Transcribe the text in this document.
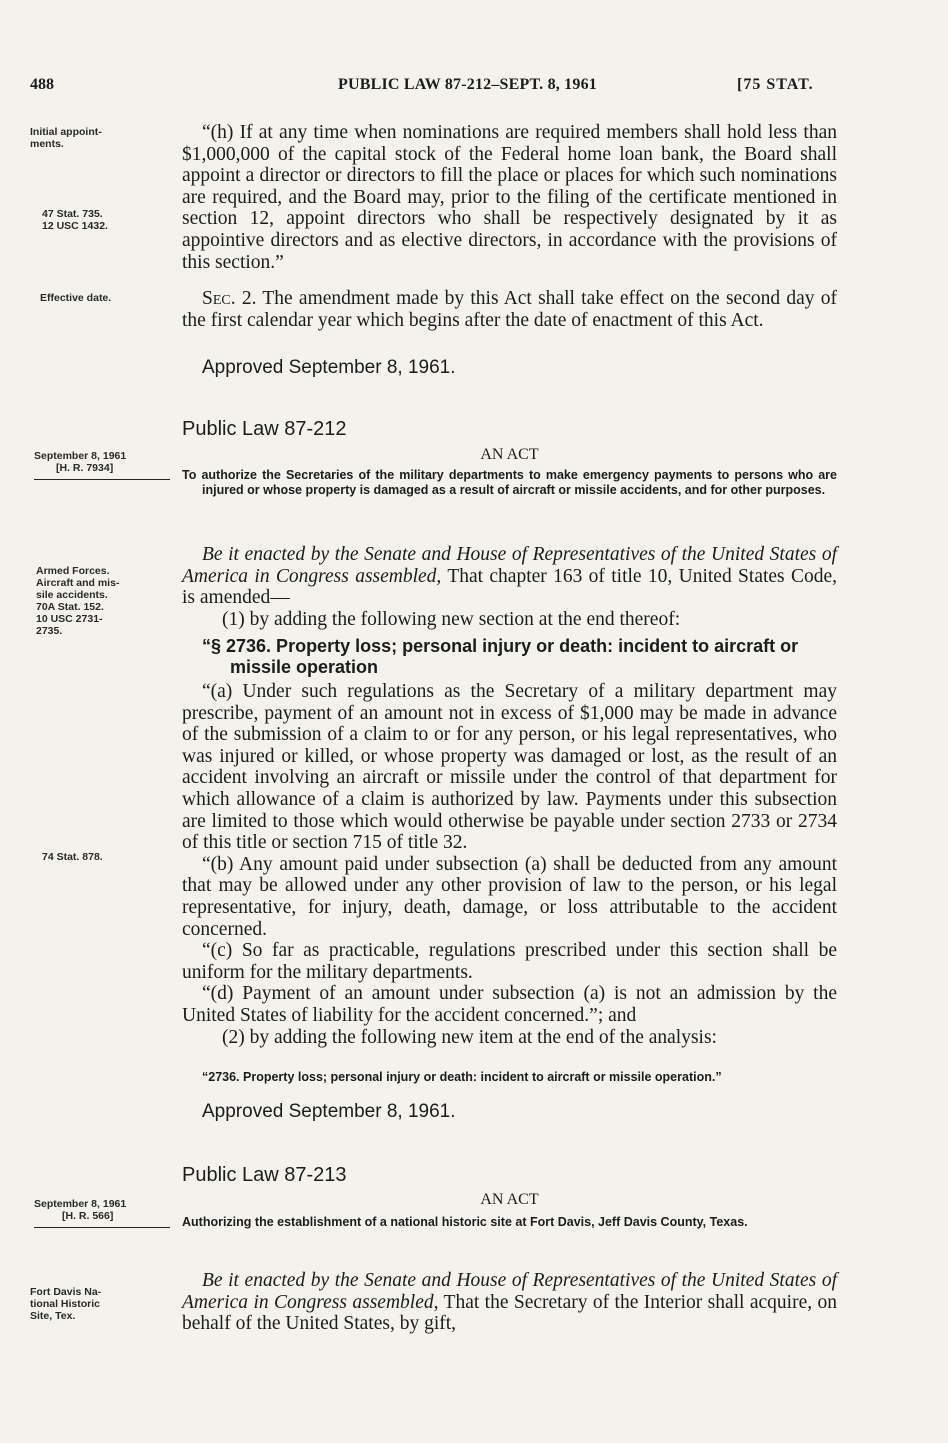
488	PUBLIC LAW 87-212–SEPT. 8, 1961	[75 STAT.
Initial appoint-
ments.
47 Stat. 735.
12 USC 1432.
Effective date.
September 8, 1961
[H. R. 7934]
Armed Forces.
Aircraft and mis-
sile accidents.
70A Stat. 152.
10 USC 2731-
2735.
74 Stat. 878.
September 8, 1961
[H. R. 566]
Fort Davis Na-
tional Historic
Site, Tex.

“(h) If at any time when nominations are required members shall hold less than $1,000,000 of the capital stock of the Federal home loan bank, the Board shall appoint a director or directors to fill the place or places for which such nominations are required, and the Board may, prior to the filing of the certificate mentioned in section 12, appoint directors who shall be respectively designated by it as appointive directors and as elective directors, in accordance with the provisions of this section.”

Sec. 2. The amendment made by this Act shall take effect on the second day of the first calendar year which begins after the date of enactment of this Act.

Approved September 8, 1961.
Public Law 87-212
AN ACT
To authorize the Secretaries of the military departments to make emergency payments to persons who are injured or whose property is damaged as a result of aircraft or missile accidents, and for other purposes.

Be it enacted by the Senate and House of Representatives of the United States of America in Congress assembled, That chapter 163 of title 10, United States Code, is amended—

(1) by adding the following new section at the end thereof:

“§ 2736. Property loss; personal injury or death: incident to aircraft or missile operation

“(a) Under such regulations as the Secretary of a military department may prescribe, payment of an amount not in excess of $1,000 may be made in advance of the submission of a claim to or for any person, or his legal representatives, who was injured or killed, or whose property was damaged or lost, as the result of an accident involving an aircraft or missile under the control of that department for which allowance of a claim is authorized by law. Payments under this subsection are limited to those which would otherwise be payable under section 2733 or 2734 of this title or section 715 of title 32.

“(b) Any amount paid under subsection (a) shall be deducted from any amount that may be allowed under any other provision of law to the person, or his legal representative, for injury, death, damage, or loss attributable to the accident concerned.

“(c) So far as practicable, regulations prescribed under this section shall be uniform for the military departments.

“(d) Payment of an amount under subsection (a) is not an admission by the United States of liability for the accident concerned.”; and

(2) by adding the following new item at the end of the analysis:

“2736. Property loss; personal injury or death: incident to aircraft or missile operation.”
Approved September 8, 1961.
Public Law 87-213
AN ACT
Authorizing the establishment of a national historic site at Fort Davis, Jeff Davis County, Texas.

Be it enacted by the Senate and House of Representatives of the United States of America in Congress assembled, That the Secretary of the Interior shall acquire, on behalf of the United States, by gift,
